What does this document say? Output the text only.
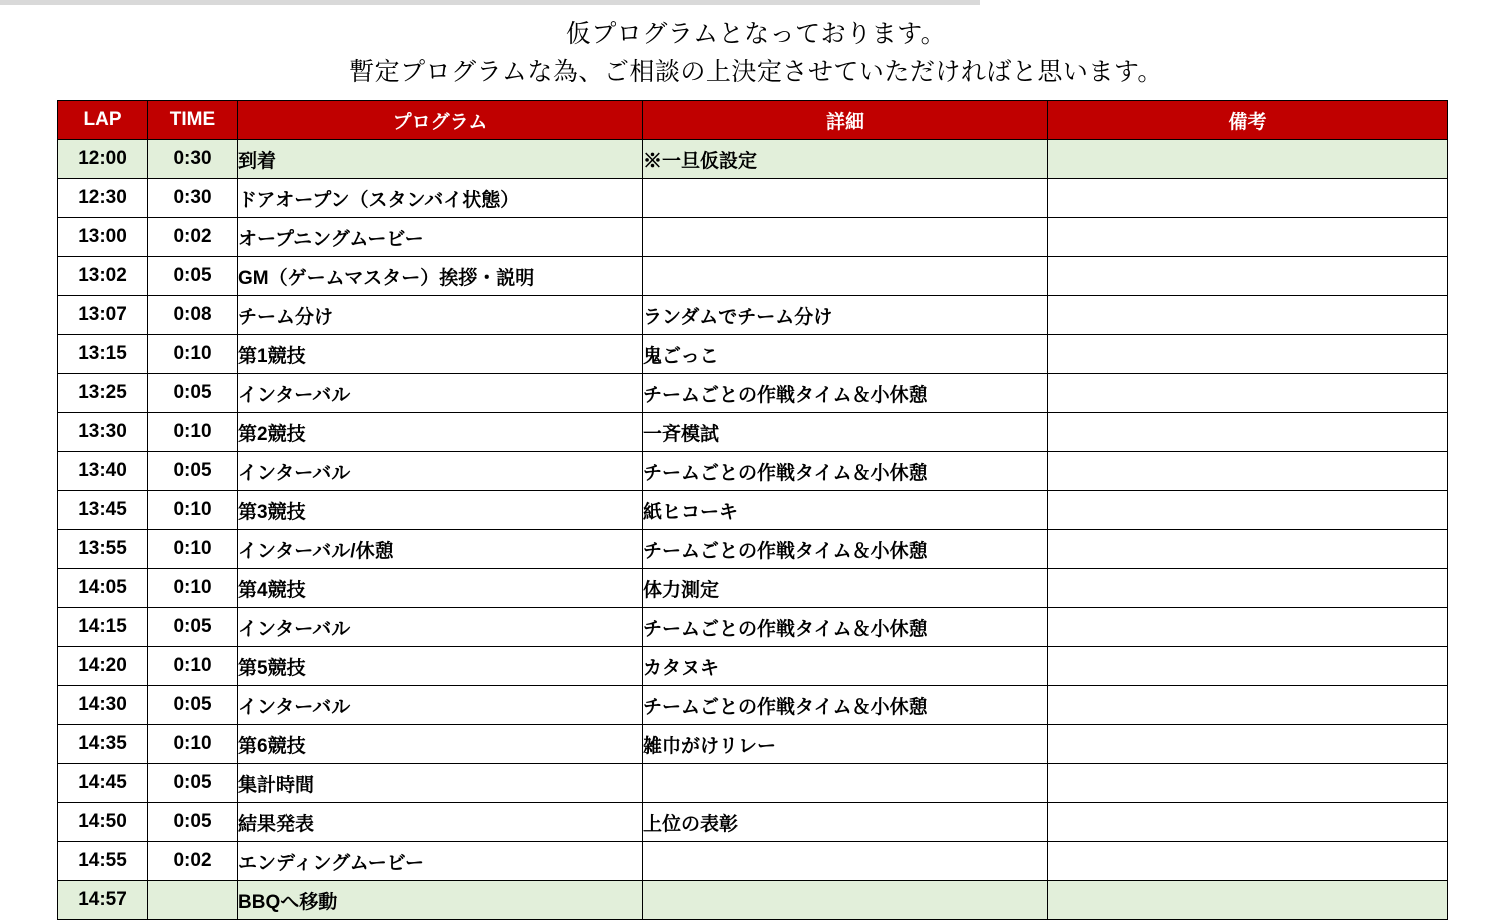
仮プログラムとなっております。
暫定プログラムな為、ご相談の上決定させていただければと思います。
LAP	TIME	プログラム	詳細	備考
12:00	0:30	到着	※一旦仮設定	
12:30	0:30	ドアオープン（スタンバイ状態）		
13:00	0:02	オープニングムービー		
13:02	0:05	GM（ゲームマスター）挨拶・説明		
13:07	0:08	チーム分け	ランダムでチーム分け	
13:15	0:10	第1競技	鬼ごっこ	
13:25	0:05	インターバル	チームごとの作戦タイム＆小休憩	
13:30	0:10	第2競技	一斉模試	
13:40	0:05	インターバル	チームごとの作戦タイム＆小休憩	
13:45	0:10	第3競技	紙ヒコーキ	
13:55	0:10	インターバル/休憩	チームごとの作戦タイム＆小休憩	
14:05	0:10	第4競技	体力測定	
14:15	0:05	インターバル	チームごとの作戦タイム＆小休憩	
14:20	0:10	第5競技	カタヌキ	
14:30	0:05	インターバル	チームごとの作戦タイム＆小休憩	
14:35	0:10	第6競技	雑巾がけリレー	
14:45	0:05	集計時間		
14:50	0:05	結果発表	上位の表彰	
14:55	0:02	エンディングムービー		
14:57		BBQへ移動		
